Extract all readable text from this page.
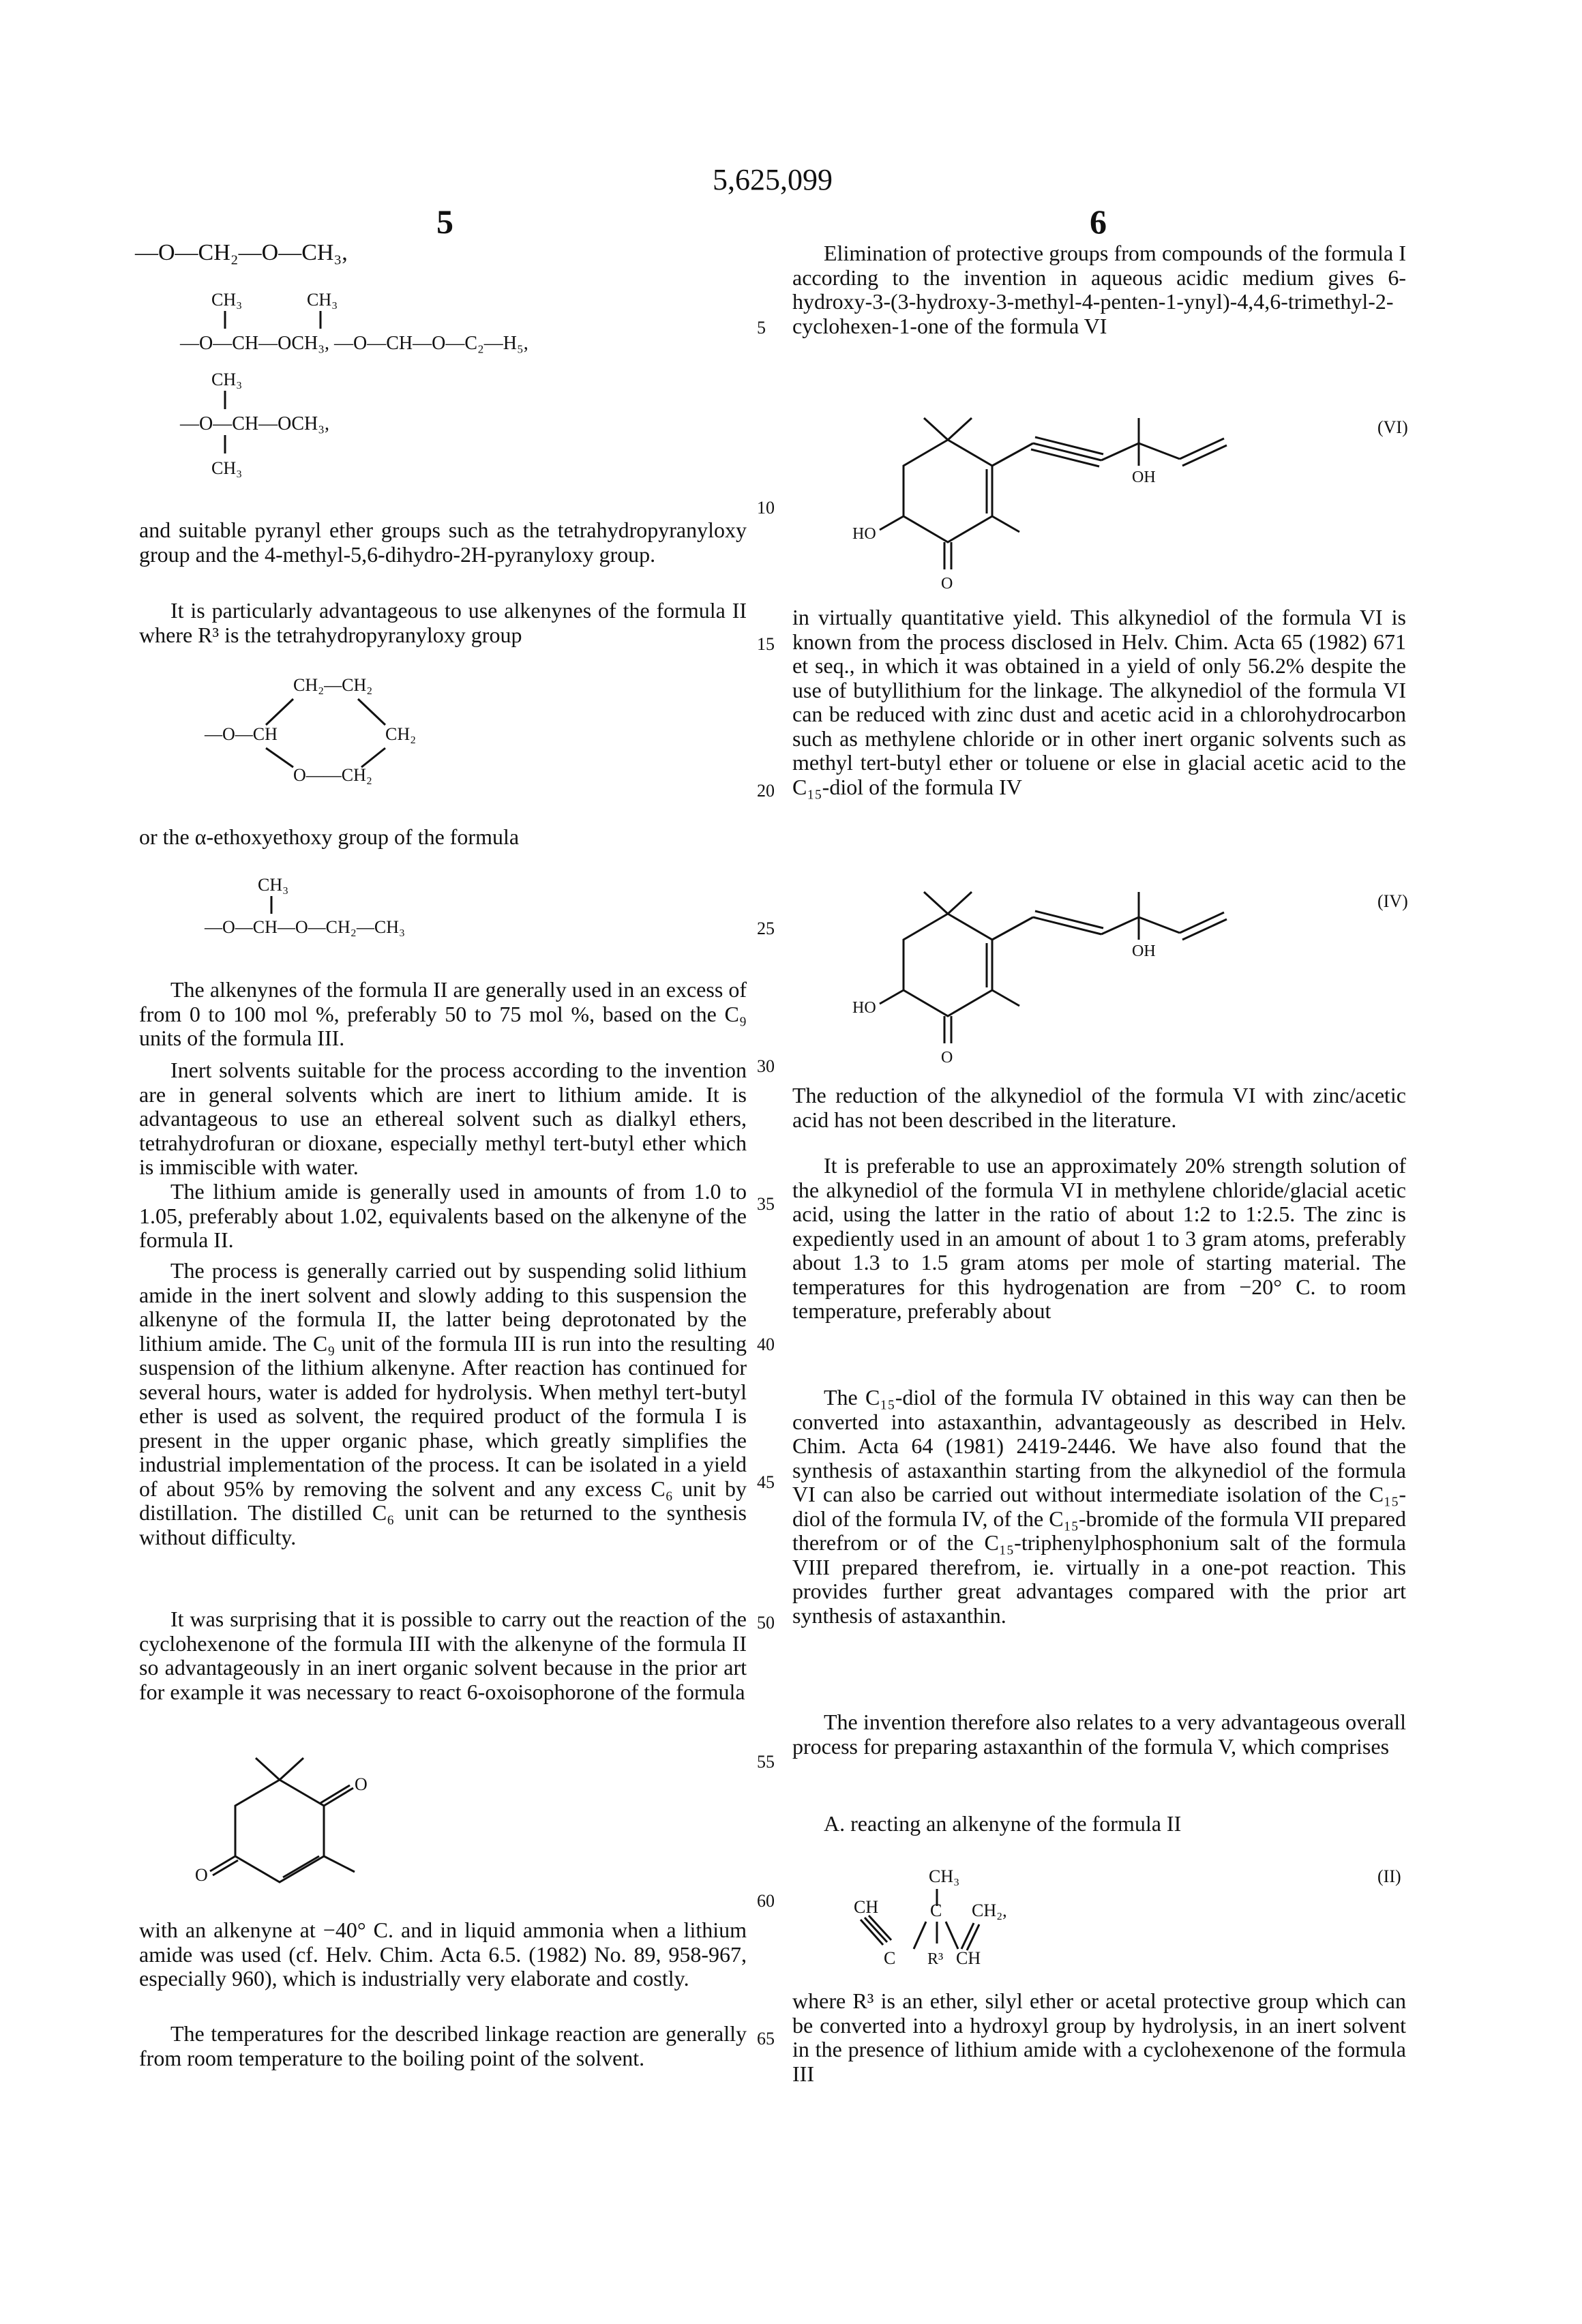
5,625,099
5	6
5
10
15
20
25
30
35
40
45
50
55
60
65
—O—CH₂—O—CH₃,
CH₃	CH₃
—O—CH—OCH₃, —O—CH—O—C₂—H₅,
CH₃
—O—CH—OCH₃,
CH₃
and suitable pyranyl ether groups such as the tetrahydropyranyloxy group and the 4-methyl-5,6-dihydro-2H-pyranyloxy group.
It is particularly advantageous to use alkenynes of the formula II where R³ is the tetrahydropyranyloxy group
CH₂—CH₂
—O—CH	CH₂
O——CH₂
or the α-ethoxyethoxy group of the formula
CH₃
—O—CH—O—CH₂—CH₃
The alkenynes of the formula II are generally used in an excess of from 0 to 100 mol %, preferably 50 to 75 mol %, based on the C₉ units of the formula III.
Inert solvents suitable for the process according to the invention are in general solvents which are inert to lithium amide. It is advantageous to use an ethereal solvent such as dialkyl ethers, tetrahydrofuran or dioxane, especially methyl tert-butyl ether which is immiscible with water.
The lithium amide is generally used in amounts of from 1.0 to 1.05, preferably about 1.02, equivalents based on the alkenyne of the formula II.
The process is generally carried out by suspending solid lithium amide in the inert solvent and slowly adding to this suspension the alkenyne of the formula II, the latter being deprotonated by the lithium amide. The C₉ unit of the formula III is run into the resulting suspension of the lithium alkenyne. After reaction has continued for several hours, water is added for hydrolysis. When methyl tert-butyl ether is used as solvent, the required product of the formula I is present in the upper organic phase, which greatly simplifies the industrial implementation of the process. It can be isolated in a yield of about 95% by removing the solvent and any excess C₆ unit by distillation. The distilled C₆ unit can be returned to the synthesis without difficulty.
It was surprising that it is possible to carry out the reaction of the cyclohexenone of the formula III with the alkenyne of the formula II so advantageously in an inert organic solvent because in the prior art for example it was necessary to react 6-oxoisophorone of the formula
O
O
with an alkenyne at −40° C. and in liquid ammonia when a lithium amide was used (cf. Helv. Chim. Acta 6.5. (1982) No. 89, 958-967, especially 960), which is industrially very elaborate and costly.
The temperatures for the described linkage reaction are generally from room temperature to the boiling point of the solvent.
Elimination of protective groups from compounds of the formula I according to the invention in aqueous acidic medium gives 6-hydroxy-3-(3-hydroxy-3-methyl-4-penten-1-ynyl)-4,4,6-trimethyl-2-cyclohexen-1-one of the formula VI
(VI)
OH
HO
O
in virtually quantitative yield. This alkynediol of the formula VI is known from the process disclosed in Helv. Chim. Acta 65 (1982) 671 et seq., in which it was obtained in a yield of only 56.2% despite the use of butyllithium for the linkage. The alkynediol of the formula VI can be reduced with zinc dust and acetic acid in a chlorohydrocarbon such as methylene chloride or in other inert organic solvents such as methyl tert-butyl ether or toluene or else in glacial acetic acid to the C₁₅-diol of the formula IV
(IV)
OH
HO
O
The reduction of the alkynediol of the formula VI with zinc/acetic acid has not been described in the literature.
It is preferable to use an approximately 20% strength solution of the alkynediol of the formula VI in methylene chloride/glacial acetic acid, using the latter in the ratio of about 1:2 to 1:2.5. The zinc is expediently used in an amount of about 1 to 3 gram atoms, preferably about 1.3 to 1.5 gram atoms per mole of starting material. The temperatures for this hydrogenation are from −20° C. to room temperature, preferably about
The C₁₅-diol of the formula IV obtained in this way can then be converted into astaxanthin, advantageously as described in Helv. Chim. Acta 64 (1981) 2419-2446. We have also found that the synthesis of astaxanthin starting from the alkynediol of the formula VI can also be carried out without intermediate isolation of the C₁₅-diol of the formula IV, of the C₁₅-bromide of the formula VII prepared therefrom or of the C₁₅-triphenylphosphonium salt of the formula VIII prepared therefrom, ie. virtually in a one-pot reaction. This provides further great advantages compared with the prior art synthesis of astaxanthin.
The invention therefore also relates to a very advantageous overall process for preparing astaxanthin of the formula V, which comprises
A. reacting an alkenyne of the formula II
(II)
CH₃
CH	C CH₂,
C R³ CH
where R³ is an ether, silyl ether or acetal protective group which can be converted into a hydroxyl group by hydrolysis, in an inert solvent in the presence of lithium amide with a cyclohexenone of the formula III
